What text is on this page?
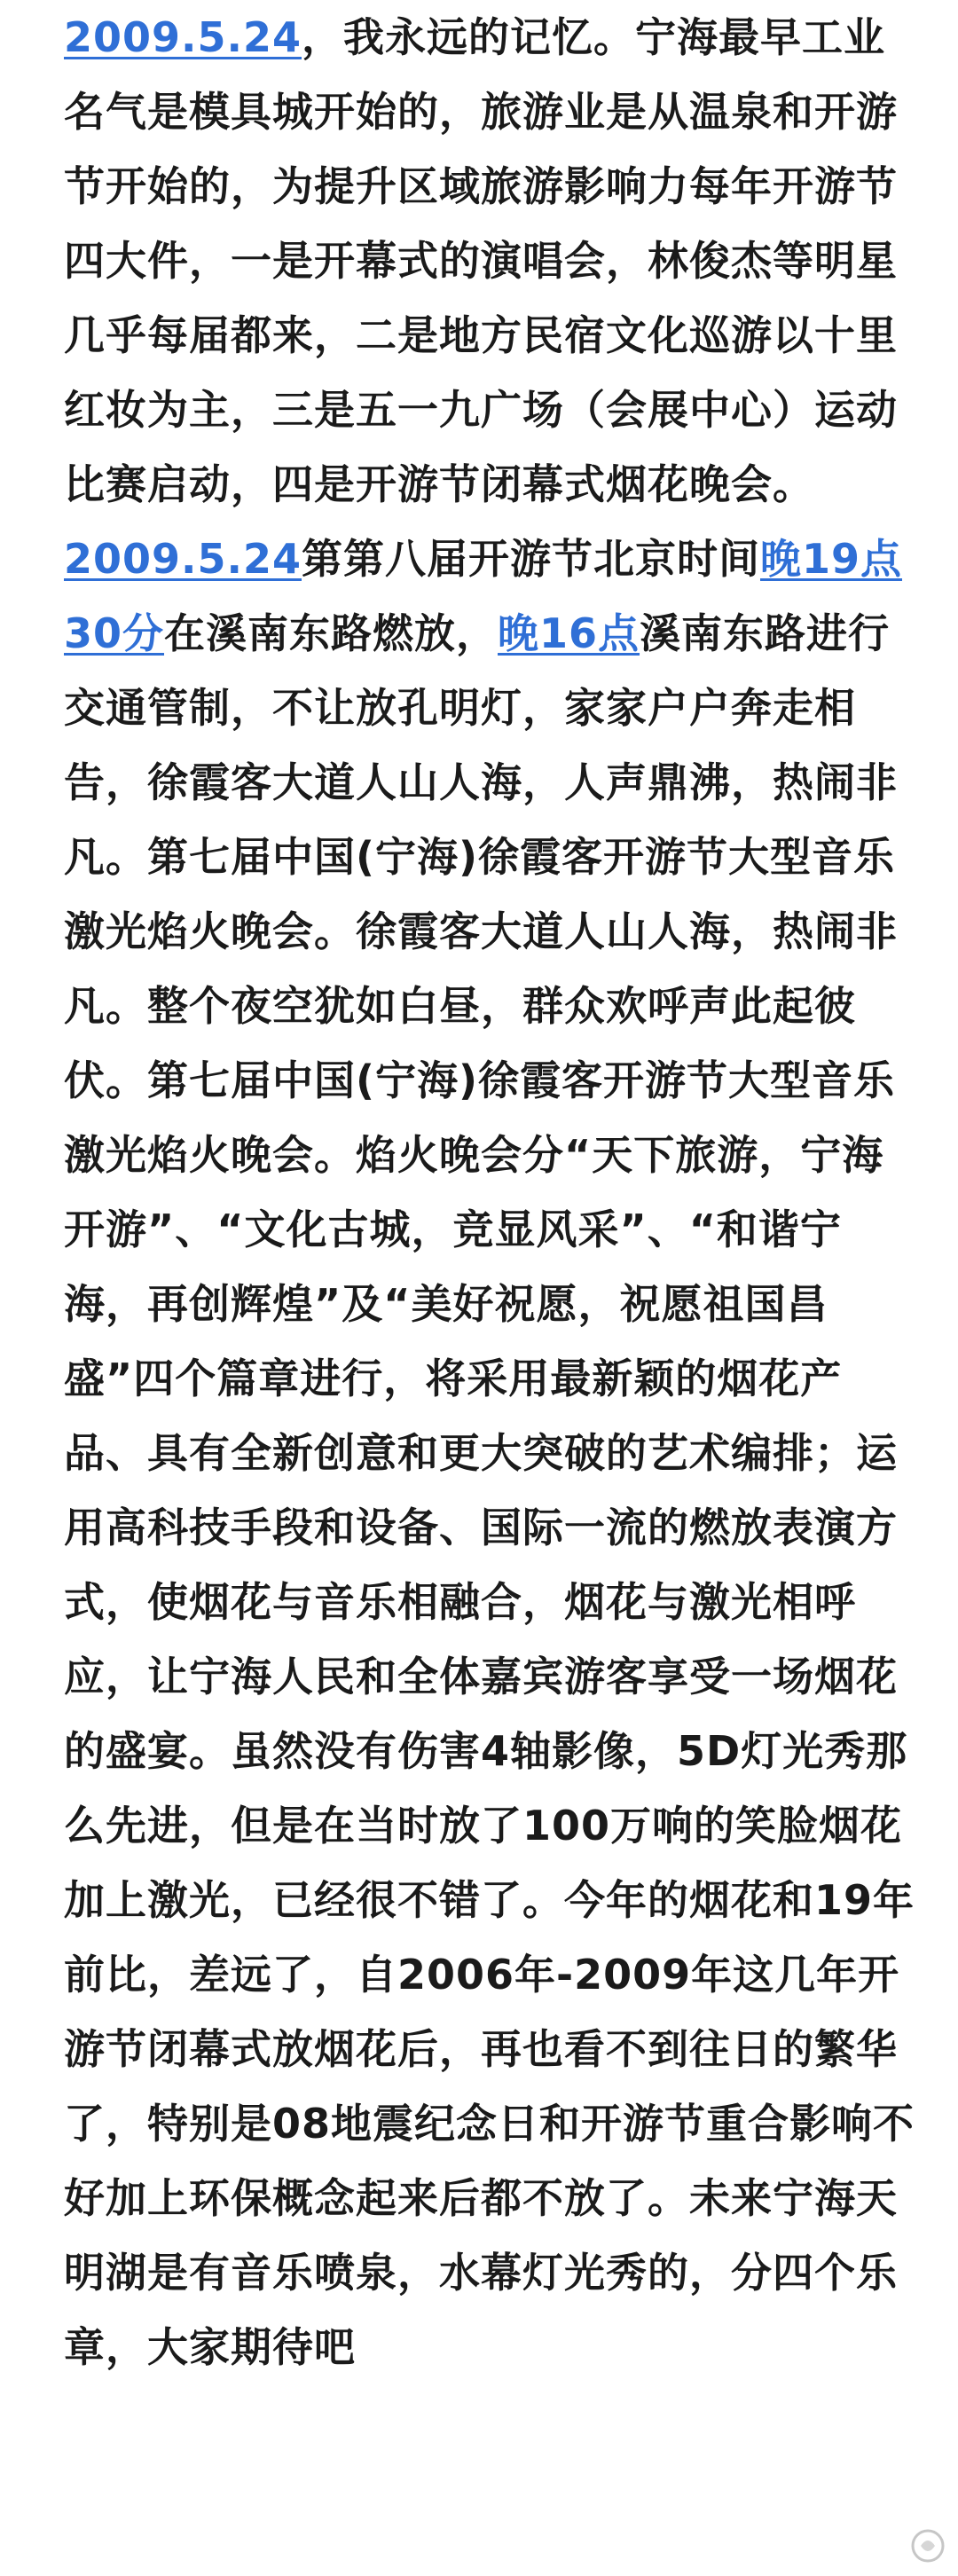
2009.5.24，我永远的记忆。宁海最早工业名气是模具城开始的，旅游业是从温泉和开游节开始的，为提升区域旅游影响力每年开游节四大件，一是开幕式的演唱会，林俊杰等明星几乎每届都来，二是地方民宿文化巡游以十里红妆为主，三是五一九广场（会展中心）运动比赛启动，四是开游节闭幕式烟花晚会。2009.5.24第第八届开游节北京时间晚19点30分在溪南东路燃放，晚16点溪南东路进行交通管制，不让放孔明灯，家家户户奔走相告，徐霞客大道人山人海，人声鼎沸，热闹非凡。第七届中国(宁海)徐霞客开游节大型音乐激光焰火晚会。徐霞客大道人山人海，热闹非凡。整个夜空犹如白昼，群众欢呼声此起彼伏。第七届中国(宁海)徐霞客开游节大型音乐激光焰火晚会。焰火晚会分“天下旅游，宁海开游”、“文化古城，竞显风采”、“和谐宁海，再创辉煌”及“美好祝愿，祝愿祖国昌盛”四个篇章进行，将采用最新颖的烟花产品、具有全新创意和更大突破的艺术编排；运用高科技手段和设备、国际一流的燃放表演方式，使烟花与音乐相融合，烟花与激光相呼应，让宁海人民和全体嘉宾游客享受一场烟花的盛宴。虽然没有伤害4轴影像，5D灯光秀那么先进，但是在当时放了100万响的笑脸烟花加上激光，已经很不错了。今年的烟花和19年前比，差远了，自2006年-2009年这几年开游节闭幕式放烟花后，再也看不到往日的繁华了，特别是08地震纪念日和开游节重合影响不好加上环保概念起来后都不放了。未来宁海天明湖是有音乐喷泉，水幕灯光秀的，分四个乐章，大家期待吧
